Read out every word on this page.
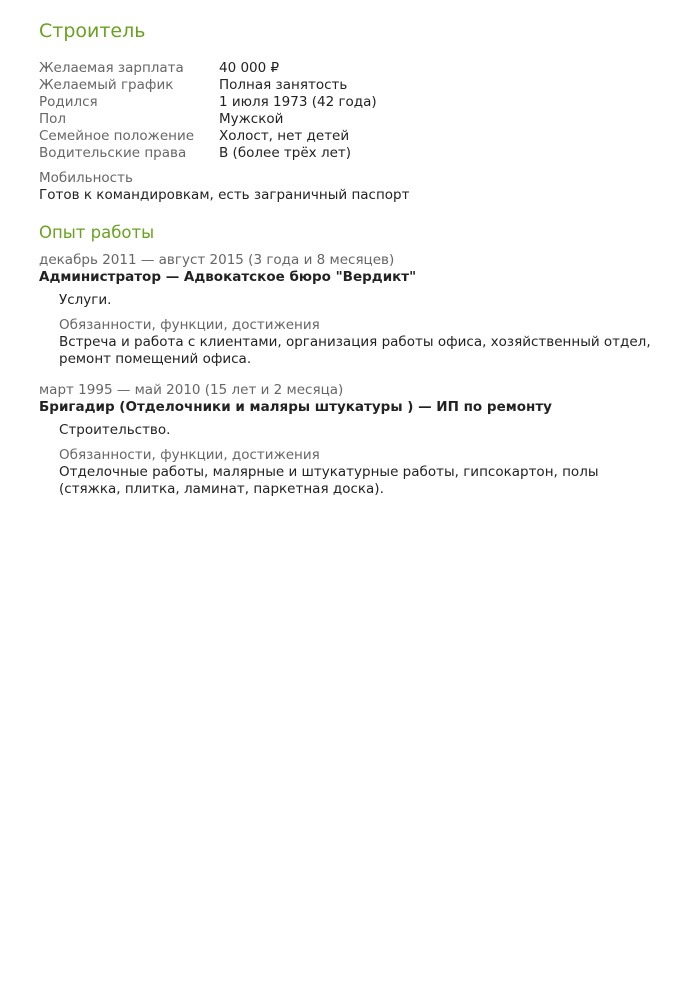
Строитель
Желаемая зарплата	40 000 ₽
Желаемый график	Полная занятость
Родился	1 июля 1973 (42 года)
Пол	Мужской
Семейное положение	Холост, нет детей
Водительские права	В (более трёх лет)
Мобильность
Готов к командировкам, есть заграничный паспорт
Опыт работы
декабрь 2011 — август 2015 (3 года и 8 месяцев)
Администратор — Адвокатское бюро "Вердикт"
Услуги.
Обязанности, функции, достижения
Встреча и работа с клиентами, организация работы офиса, хозяйственный отдел, ремонт помещений офиса.
март 1995 — май 2010 (15 лет и 2 месяца)
Бригадир (Отделочники и маляры штукатуры ) — ИП по ремонту
Строительство.
Обязанности, функции, достижения
Отделочные работы, малярные и штукатурные работы, гипсокартон, полы (стяжка, плитка, ламинат, паркетная доска).
